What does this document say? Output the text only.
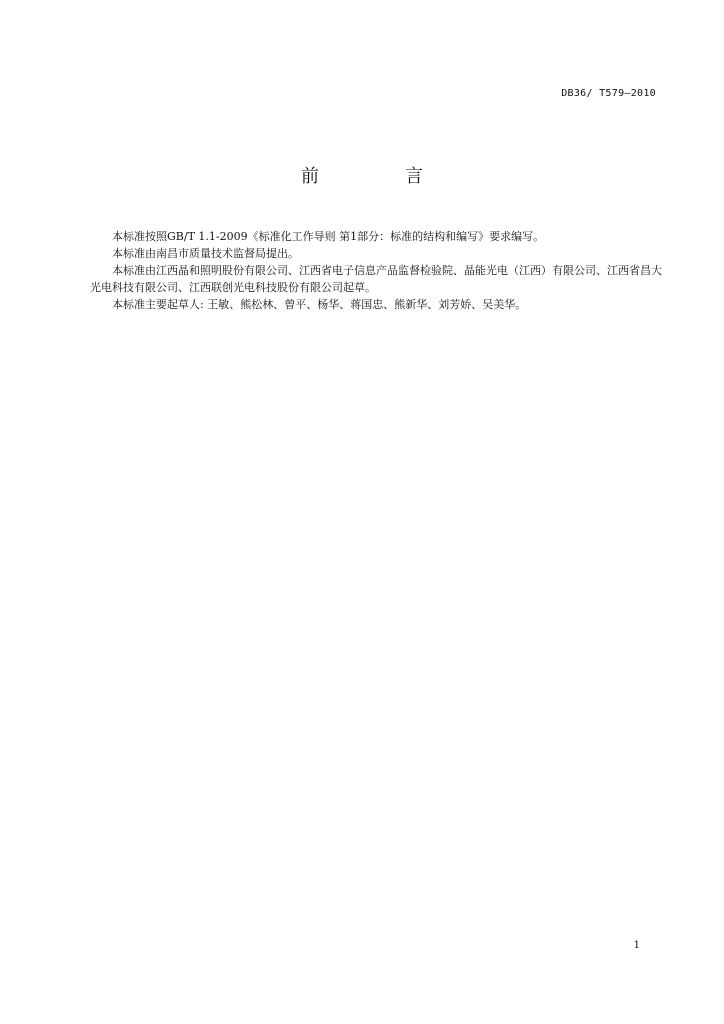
DB36/ T579—2010
前　言

本标准按照GB/T 1.1-2009《标准化工作导则 第1部分：标准的结构和编写》要求编写。

本标准由南昌市质量技术监督局提出。

本标准由江西晶和照明股份有限公司、江西省电子信息产品监督检验院、晶能光电（江西）有限公司、江西省昌大光电科技有限公司、江西联创光电科技股份有限公司起草。

本标准主要起草人: 王敏、熊松林、曾平、杨华、蒋国忠、熊新华、刘芳娇、吴美华。

1
